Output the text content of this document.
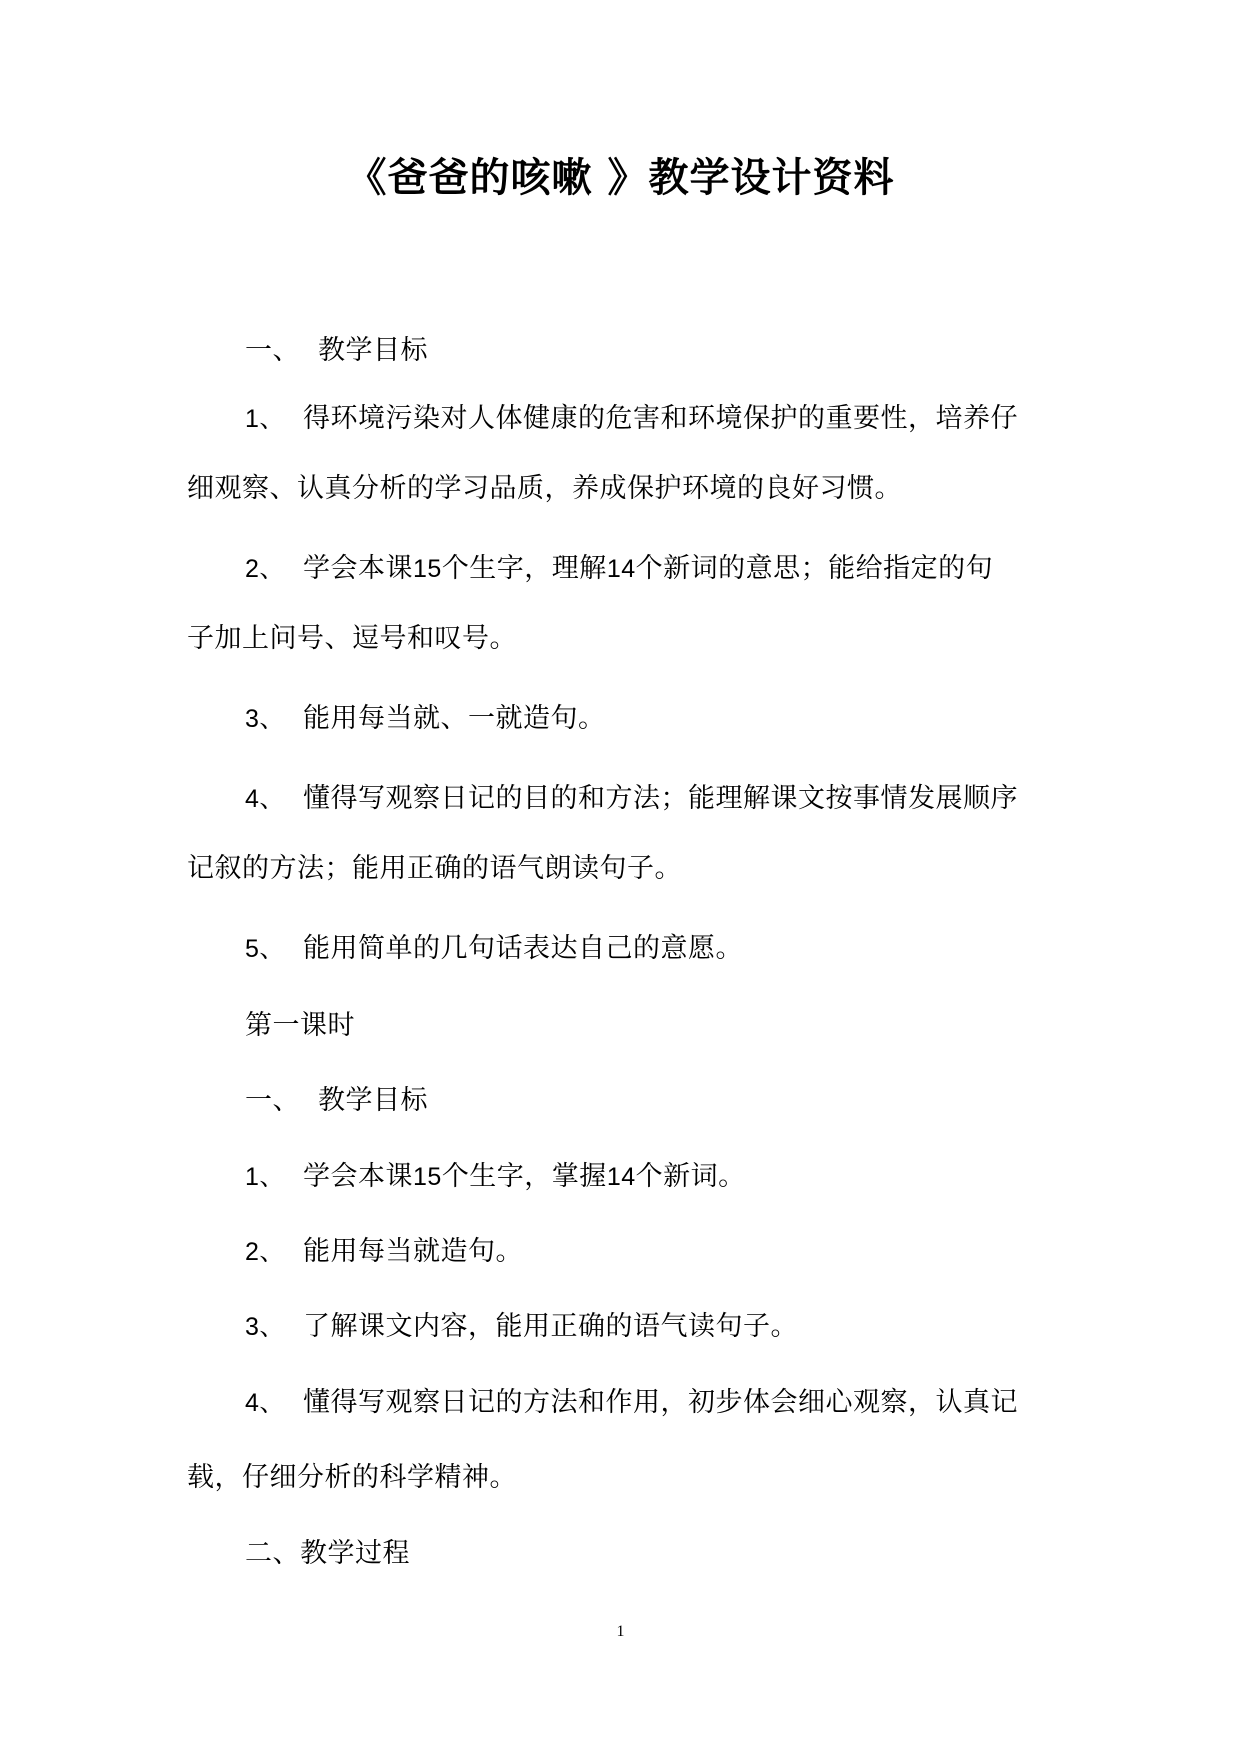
《爸爸的咳嗽 》教学设计资料
一、 教学目标
1、 得环境污染对人体健康的危害和环境保护的重要性，培养仔
细观察、认真分析的学习品质，养成保护环境的良好习惯。
2、 学会本课15个生字，理解14个新词的意思；能给指定的句
子加上问号、逗号和叹号。
3、 能用每当就、一就造句。
4、 懂得写观察日记的目的和方法；能理解课文按事情发展顺序
记叙的方法；能用正确的语气朗读句子。
5、 能用简单的几句话表达自己的意愿。
第一课时
一、 教学目标
1、 学会本课15个生字，掌握14个新词。
2、 能用每当就造句。
3、 了解课文内容，能用正确的语气读句子。
4、 懂得写观察日记的方法和作用，初步体会细心观察，认真记
载，仔细分析的科学精神。
二、教学过程
1
